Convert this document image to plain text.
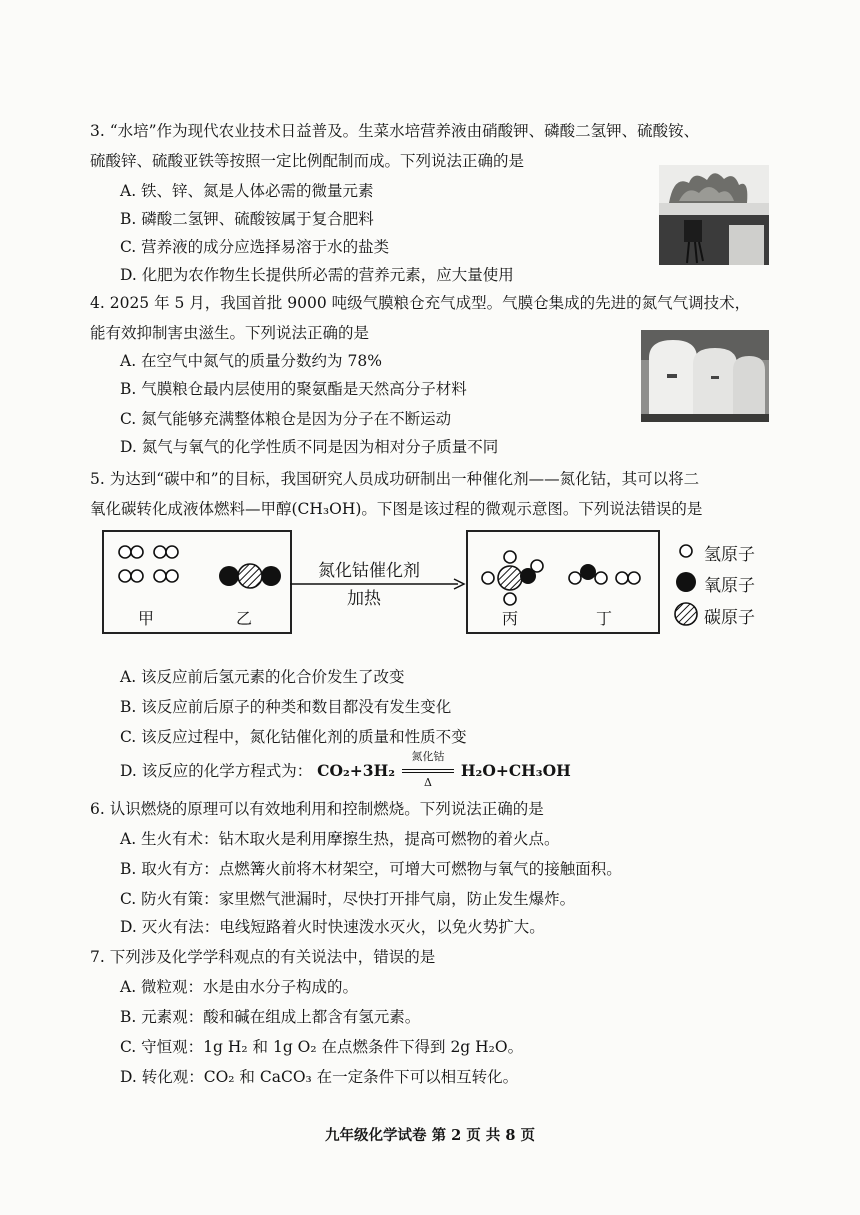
3. “水培”作为现代农业技术日益普及。生菜水培营养液由硝酸钾、磷酸二氢钾、硫酸铵、
硫酸锌、硫酸亚铁等按照一定比例配制而成。下列说法正确的是
A. 铁、锌、氮是人体必需的微量元素
B. 磷酸二氢钾、硫酸铵属于复合肥料
C. 营养液的成分应选择易溶于水的盐类
D. 化肥为农作物生长提供所必需的营养元素，应大量使用
4. 2025 年 5 月，我国首批 9000 吨级气膜粮仓充气成型。气膜仓集成的先进的氮气气调技术，
能有效抑制害虫滋生。下列说法正确的是
A. 在空气中氮气的质量分数约为 78%
B. 气膜粮仓最内层使用的聚氨酯是天然高分子材料
C. 氮气能够充满整体粮仓是因为分子在不断运动
D. 氮气与氧气的化学性质不同是因为相对分子质量不同
5. 为达到“碳中和”的目标，我国研究人员成功研制出一种催化剂——氮化钴，其可以将二
氧化碳转化成液体燃料—甲醇(CH₃OH)。下图是该过程的微观示意图。下列说法错误的是
甲	乙
氮化钴催化剂
加热
丙	丁
氢原子
氧原子
碳原子
A. 该反应前后氢元素的化合价发生了改变
B. 该反应前后原子的种类和数目都没有发生变化
C. 该反应过程中，氮化钴催化剂的质量和性质不变
D. 该反应的化学方程式为： CO₂+3H₂
氮化钴
Δ
H₂O+CH₃OH
6. 认识燃烧的原理可以有效地利用和控制燃烧。下列说法正确的是
A. 生火有术：钻木取火是利用摩擦生热，提高可燃物的着火点。
B. 取火有方：点燃篝火前将木材架空，可增大可燃物与氧气的接触面积。
C. 防火有策：家里燃气泄漏时，尽快打开排气扇，防止发生爆炸。
D. 灭火有法：电线短路着火时快速泼水灭火，以免火势扩大。
7. 下列涉及化学学科观点的有关说法中，错误的是
A. 微粒观：水是由水分子构成的。
B. 元素观：酸和碱在组成上都含有氢元素。
C. 守恒观：1g H₂ 和 1g O₂ 在点燃条件下得到 2g H₂O。
D. 转化观：CO₂ 和 CaCO₃ 在一定条件下可以相互转化。
九年级化学试卷 第 2 页 共 8 页
